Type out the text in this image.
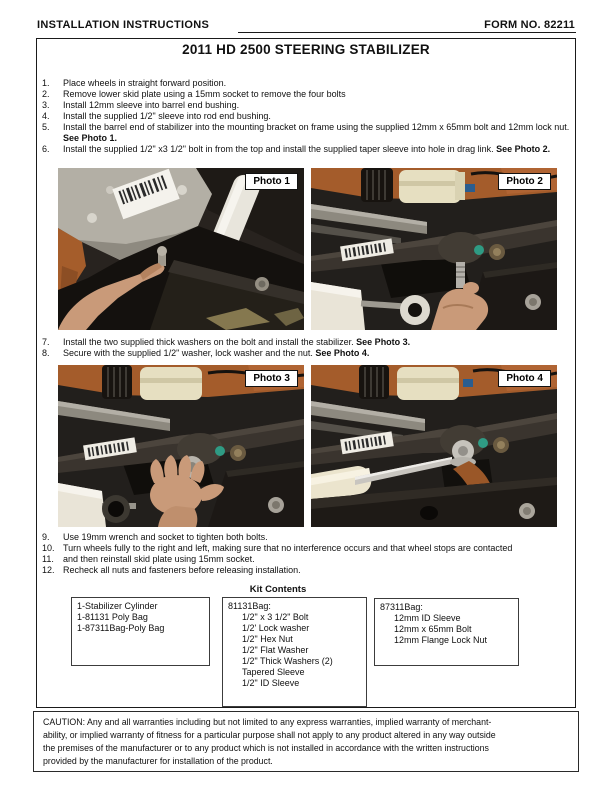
INSTALLATION INSTRUCTIONS	FORM NO. 82211
2011 HD 2500 STEERING STABILIZER
1.	Place wheels in straight forward position.
2.	Remove lower skid plate using a 15mm socket to remove the four bolts
3.	Install 12mm sleeve into barrel end bushing.
4.	Install the supplied 1/2" sleeve into rod end bushing.
5.	Install the barrel end of stabilizer into the mounting bracket on frame using the supplied 12mm x 65mm bolt and 12mm lock nut. See Photo 1.
6.	Install the supplied 1/2" x3 1/2" bolt in from the top and install the supplied taper sleeve into hole in drag link. See Photo 2.
Photo 1	Photo 2
7.	Install the two supplied thick washers on the bolt and install the stabilizer. See Photo 3.
8.	Secure with the supplied 1/2" washer, lock washer and the nut. See Photo 4.
Photo 3	Photo 4
9.	Use 19mm wrench and socket to tighten both bolts.
10. Turn wheels fully to the right and left, making sure that no interference occurs and that wheel stops are contacted
11.	and then reinstall skid plate using 15mm socket.
12. Recheck all nuts and fasteners before releasing installation.
Kit Contents
1-Stabilizer Cylinder
1-81131 Poly Bag
1-87311Bag-Poly Bag
81131Bag:
1/2" x 3 1/2" Bolt
1/2' Lock washer
1/2" Hex Nut
1/2" Flat Washer
1/2" Thick Washers (2)
Tapered Sleeve
1/2" ID Sleeve
87311Bag:
12mm ID Sleeve
12mm x 65mm Bolt
12mm Flange Lock Nut
CAUTION: Any and all warranties including but not limited to any express warranties, implied warranty of merchant-
ability, or implied warranty of fitness for a particular purpose shall not apply to any product altered in any way outside
the premises of the manufacturer or to any product which is not installed in accordance with the written instructions
provided by the manufacturer for installation of the product.
